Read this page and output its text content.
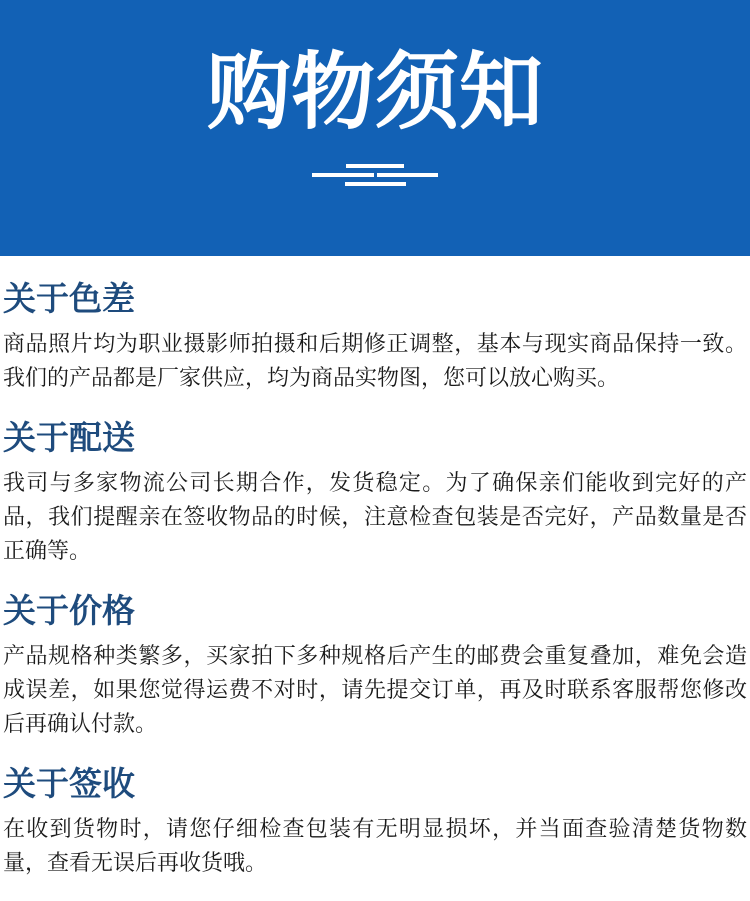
购物须知
关于色差

商品照片均为职业摄影师拍摄和后期修正调整，基本与现实商品保持一致。我们的产品都是厂家供应，均为商品实物图，您可以放心购买。

关于配送

我司与多家物流公司长期合作，发货稳定。为了确保亲们能收到完好的产品，我们提醒亲在签收物品的时候，注意检查包装是否完好，产品数量是否正确等。

关于价格

产品规格种类繁多，买家拍下多种规格后产生的邮费会重复叠加，难免会造成误差，如果您觉得运费不对时，请先提交订单，再及时联系客服帮您修改后再确认付款。

关于签收

在收到货物时，请您仔细检查包装有无明显损坏，并当面查验清楚货物数量，查看无误后再收货哦。
